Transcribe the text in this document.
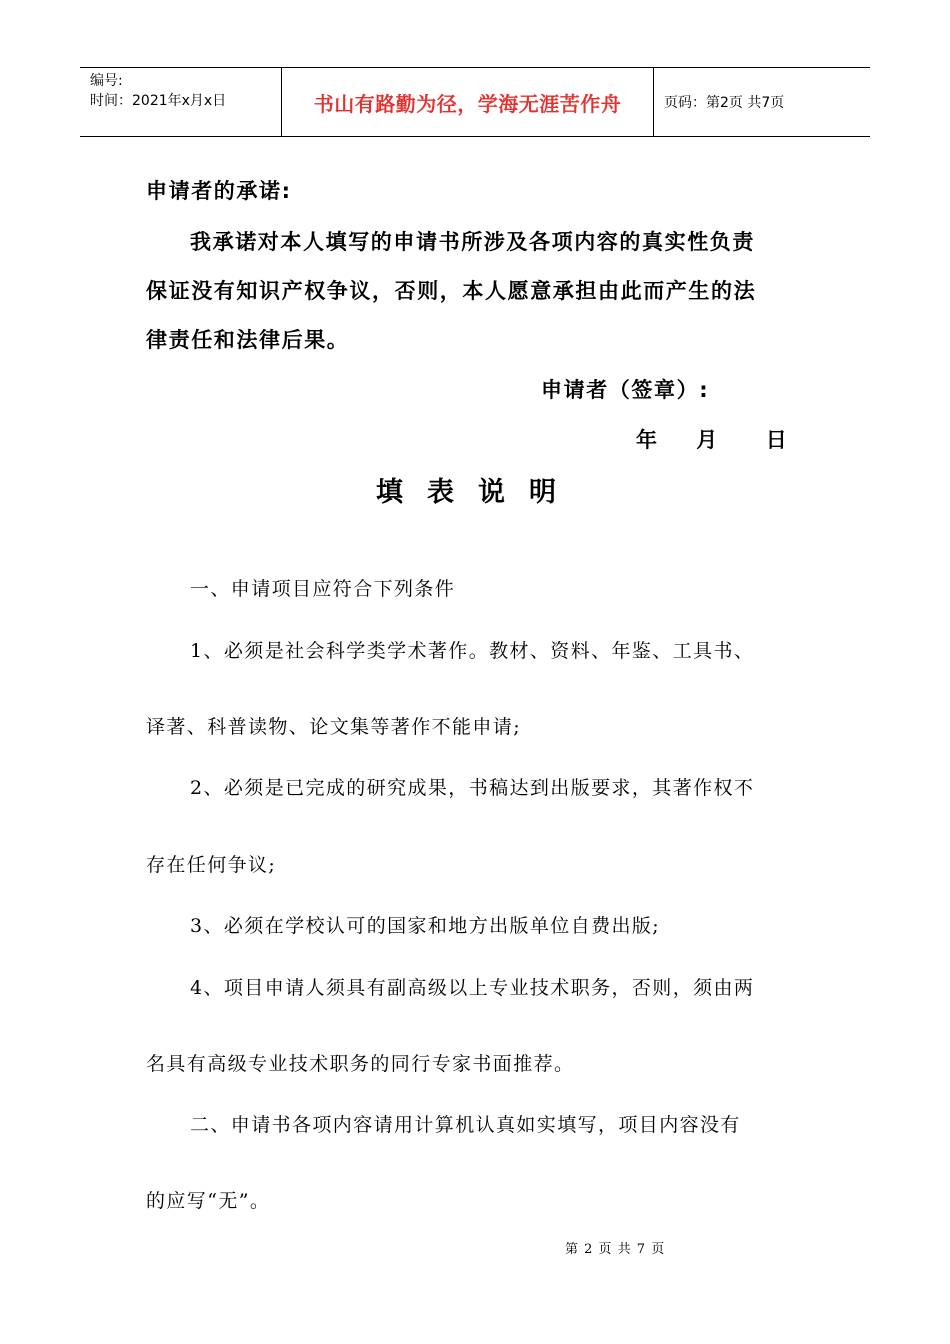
编号:
时间：2021年x月x日	书山有路勤为径，学海无涯苦作舟	页码：第2页 共7页
申请者的承诺:
我承诺对本人填写的申请书所涉及各项内容的真实性负责
保证没有知识产权争议，否则，本人愿意承担由此而产生的法
律责任和法律后果。
申请者（签章）:
年    月     日
填表说明
一、申请项目应符合下列条件
1、必须是社会科学类学术著作。教材、资料、年鉴、工具书、
译著、科普读物、论文集等著作不能申请;
2、必须是已完成的研究成果，书稿达到出版要求，其著作权不
存在任何争议;
3、必须在学校认可的国家和地方出版单位自费出版;
4、项目申请人须具有副高级以上专业技术职务，否则，须由两
名具有高级专业技术职务的同行专家书面推荐。
二、申请书各项内容请用计算机认真如实填写，项目内容没有
的应写“无”。
第 2 页 共 7 页
